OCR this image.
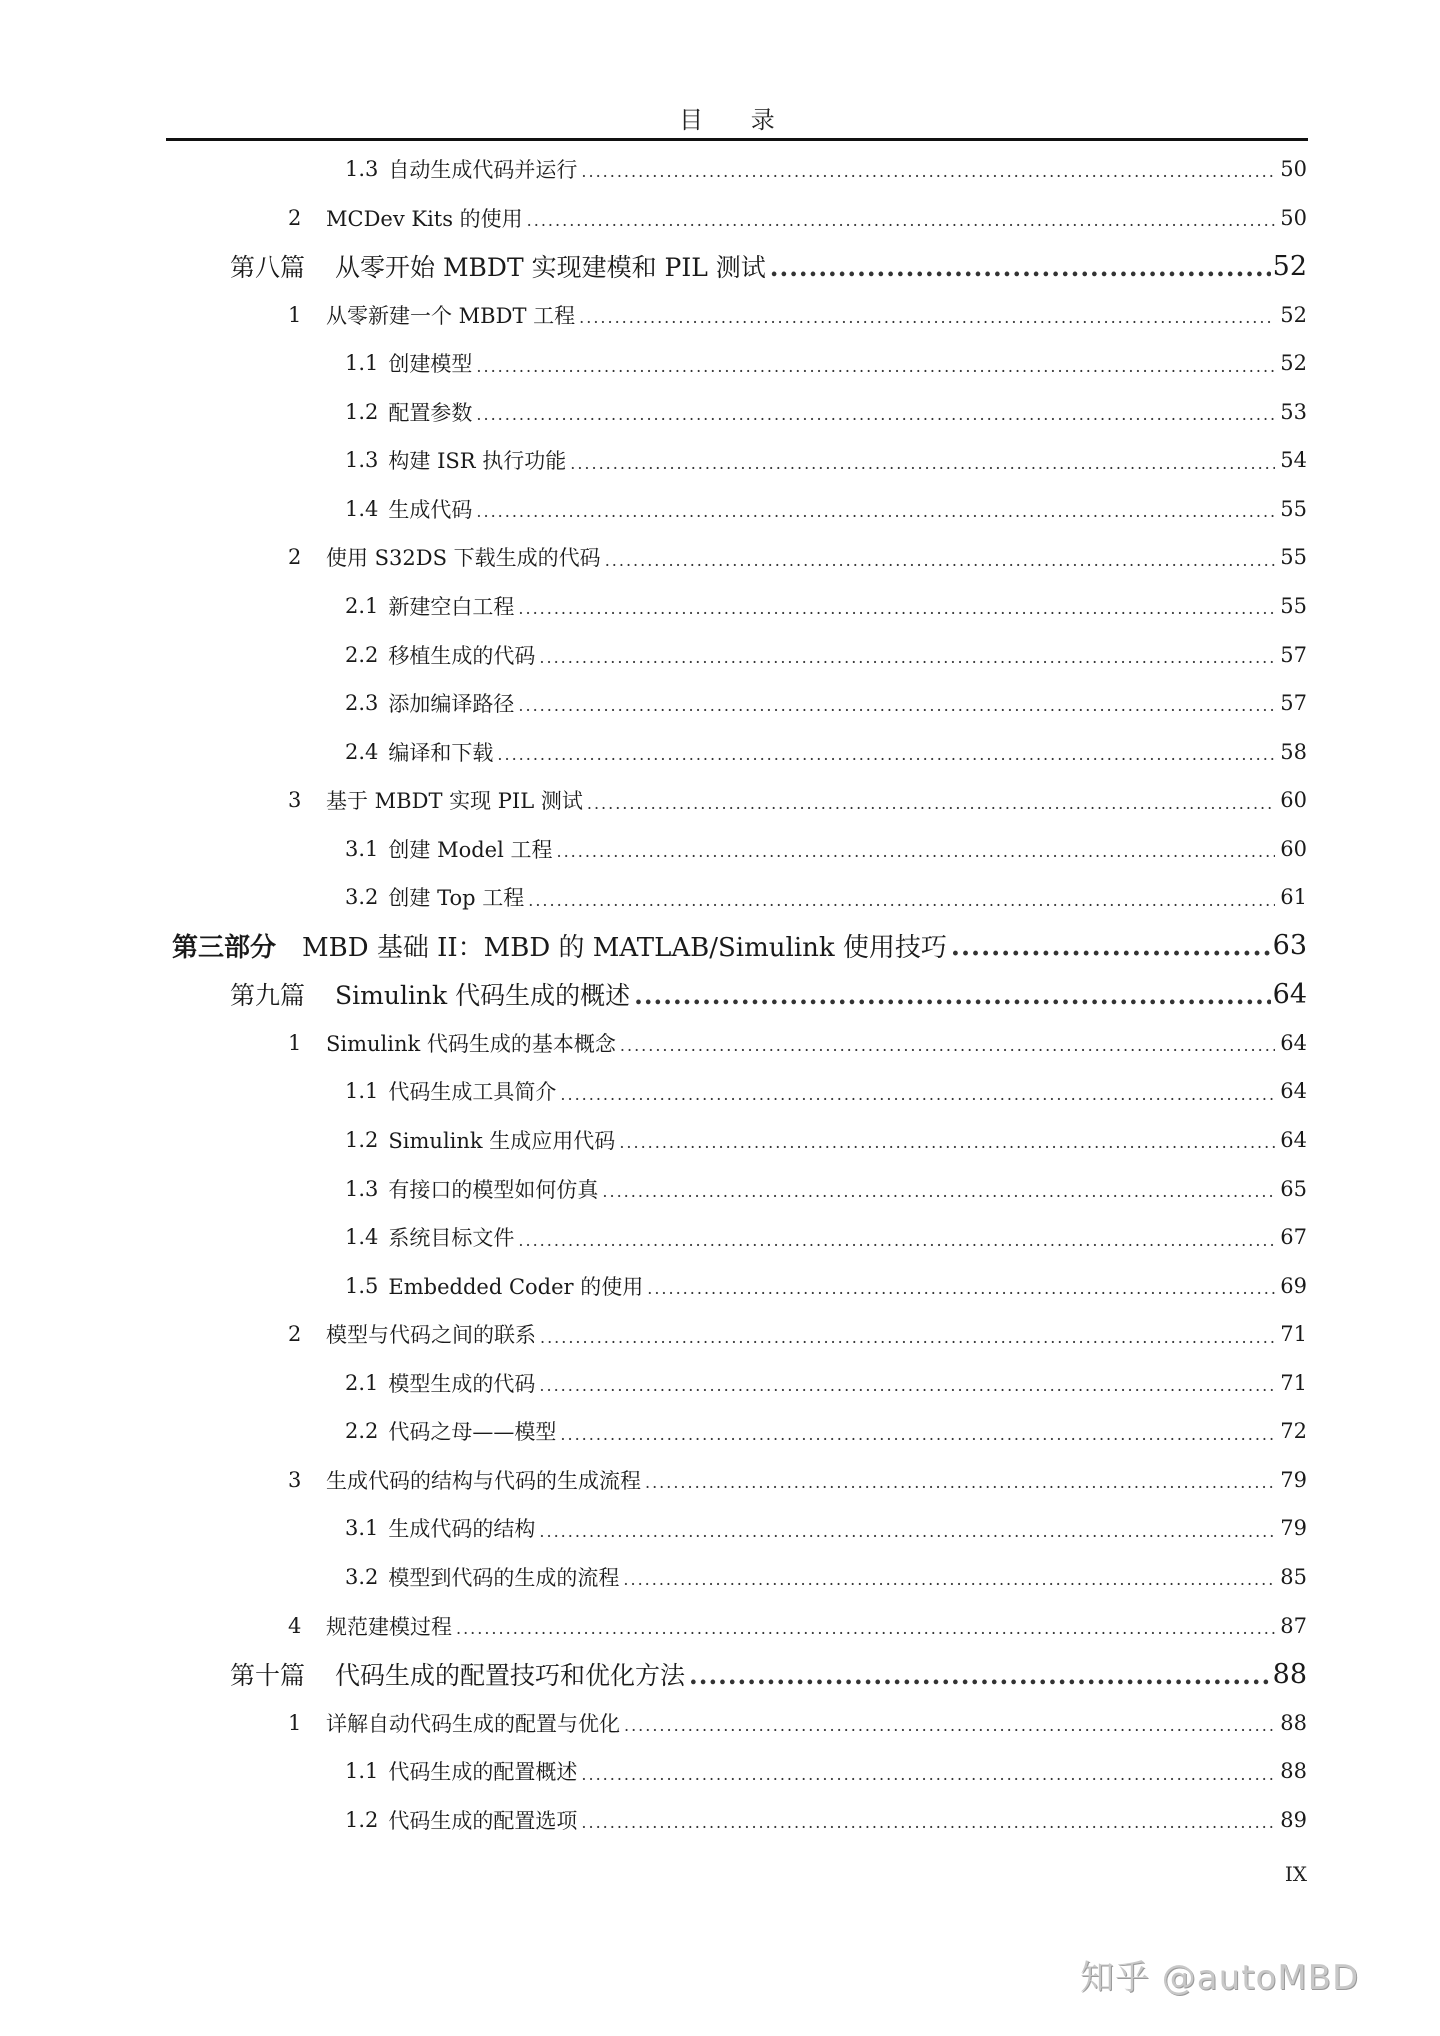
目 录
1.3 自动生成代码并运行 .....	50
2	MCDev Kits 的使用 .....	50
第八篇 从零开始 MBDT 实现建模和 PIL 测试 .....	52
1	从零新建一个 MBDT 工程 .....	52
1.1 创建模型 .....	52
1.2 配置参数 .....	53
1.3 构建 ISR 执行功能 .....	54
1.4 生成代码 .....	55
2	使用 S32DS 下载生成的代码 .....	55
2.1 新建空白工程 .....	55
2.2 移植生成的代码 .....	57
2.3 添加编译路径 .....	57
2.4 编译和下载 .....	58
3	基于 MBDT 实现 PIL 测试 .....	60
3.1 创建 Model 工程 .....	60
3.2 创建 Top 工程 .....	61
第三部分 MBD 基础 II：MBD 的 MATLAB/Simulink 使用技巧 .....	63
第九篇 Simulink 代码生成的概述 .....	64
1	Simulink 代码生成的基本概念 .....	64
1.1 代码生成工具简介 .....	64
1.2 Simulink 生成应用代码 .....	64
1.3 有接口的模型如何仿真 .....	65
1.4 系统目标文件 .....	67
1.5 Embedded Coder 的使用 .....	69
2	模型与代码之间的联系 .....	71
2.1 模型生成的代码 .....	71
2.2 代码之母——模型 .....	72
3	生成代码的结构与代码的生成流程 .....	79
3.1 生成代码的结构 .....	79
3.2 模型到代码的生成的流程 .....	85
4	规范建模过程 .....	87
第十篇 代码生成的配置技巧和优化方法 .....	88
1	详解自动代码生成的配置与优化 .....	88
1.1 代码生成的配置概述 .....	88
1.2 代码生成的配置选项 .....	89
IX
知乎 @autoMBD
